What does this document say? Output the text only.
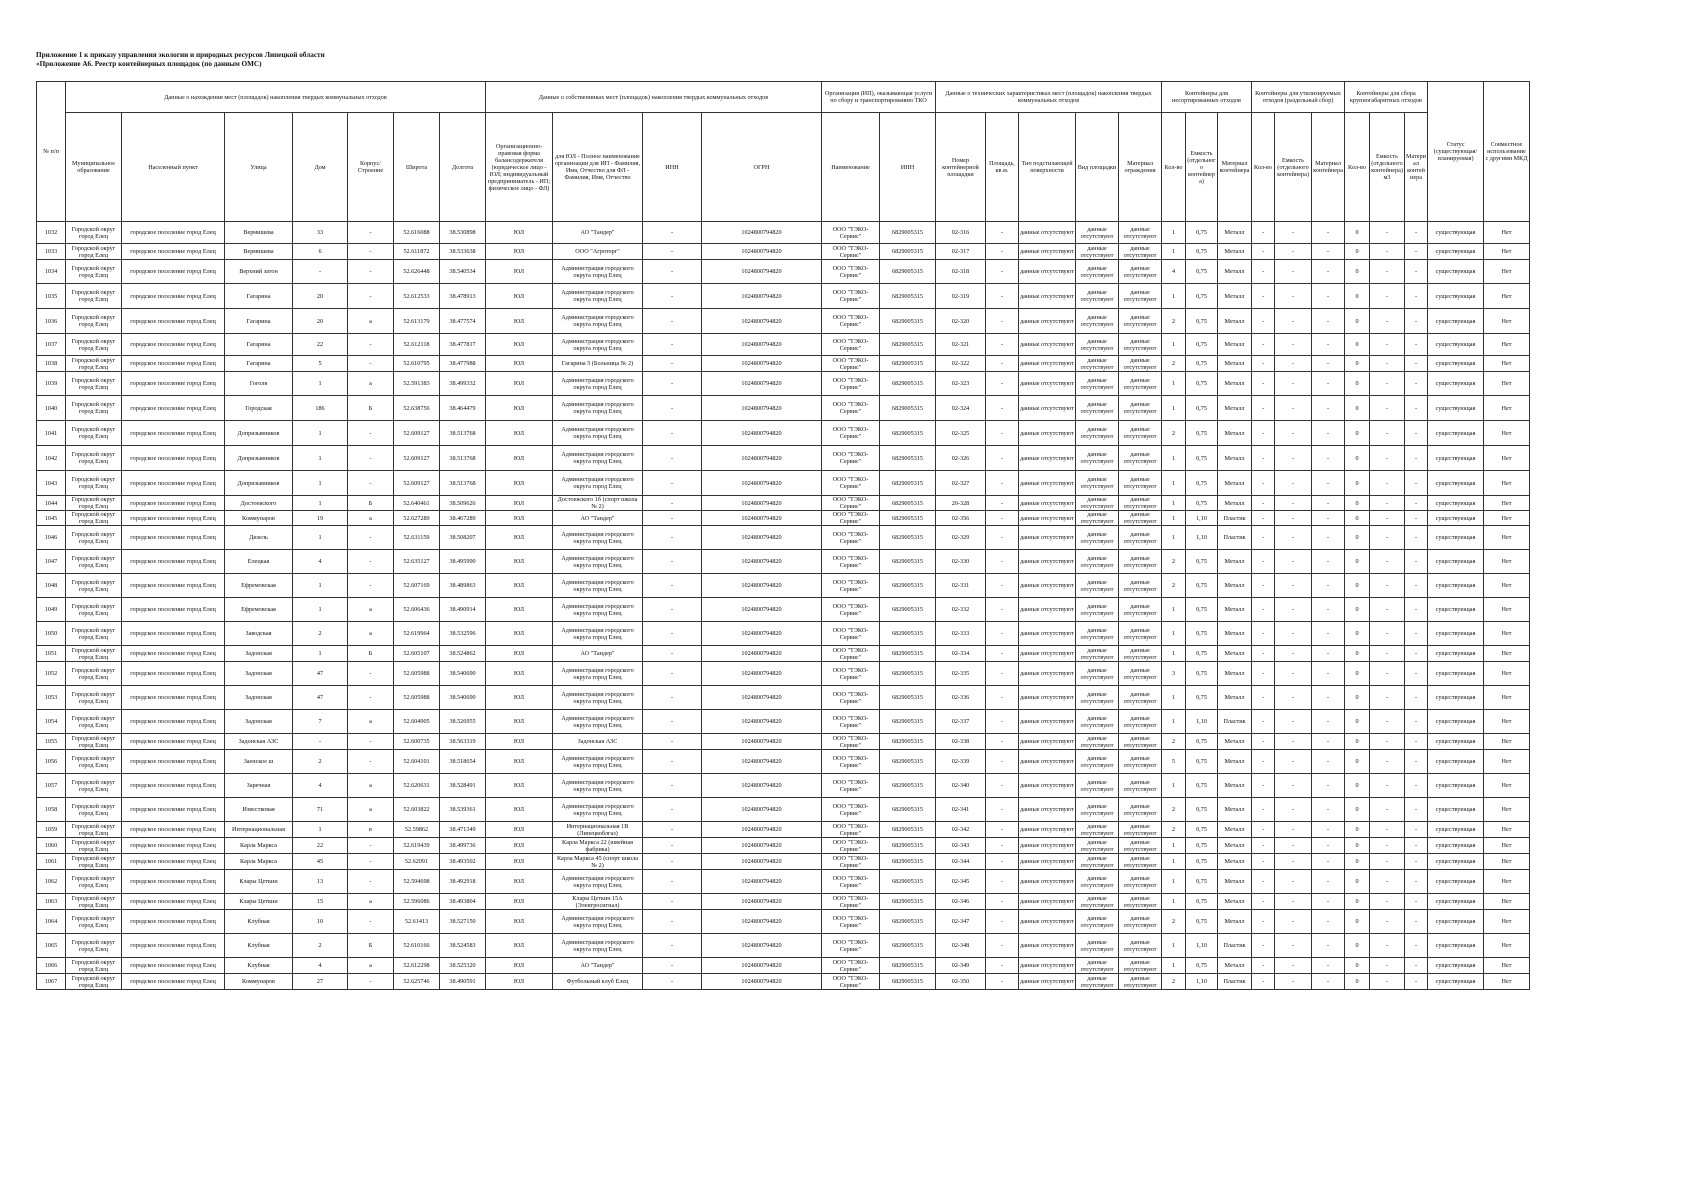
Приложение 1 к приказу управления экологии и природных ресурсов Липецкой области
«Приложение А6. Реестр контейнерных площадок (по данным ОМС)
№ п/п	Данные о нахождении мест (площадок) накопления твердых коммунальных отходов							Данные о собственниках мест (площадок) накопления твердых коммунальных отходов				Организация (ИП), оказывающая услуги по сбору и транспортированию ТКО		Данные о технических характеристиках мест (площадок) накопления твердых коммунальных отходов					Контейнеры для несортированных отходов			Контейнеры для утилизируемых отходов (раздельный сбор)			Контейнеры для сбора крупногабаритных отходов			Статус (существующая/планируемая)	Совместное использование с другими МКД
	Муниципальное образование	Населенный пункт	Улица	Дом	Корпус/Строение	Широта	Долгота	Организационно-правовая форма балансодержателя (юридическое лицо - ЮЛ; индивидуальный предприниматель - ИП; физическое лицо - ФЛ)	для ЮЛ - Полное наименование организации для ИП - Фамилия, Имя, Отчество для ФЛ - Фамилия, Имя, Отчество	ИНН	ОГРН	Наименование	ИНН	Номер контейнерной площадки	Площадь, кв.м.	Тип подстилающей поверхности	Вид площадки	Материал ограждения	Кол-во	Емкость (отдельного контейнера)	Материал контейнера	Кол-во	Емкость (отдельного контейнера)	Материал контейнера	Кол-во	Емкость (отдельного контейнера) м3	Материал контейнера		
1032	Городской округ город Елец	городское поселение город Елец	Вермишева	33	-	52.616088	38.530898	ЮЛ	АО "Тандер"	-	1024800794820	ООО "ТЭКО-Сервис"	6829005315	02-316	-	данные отсутствуют	данные отсутствуют	данные отсутствуют	1	0,75	Металл	-	-	-	0	-	-	существующая	Нет
1033	Городской округ город Елец	городское поселение город Елец	Вермишева	6	-	52.611872	38.533638	ЮЛ	ООО "Агроторг"	-	1024800794820	ООО "ТЭКО-Сервис"	6829005315	02-317	-	данные отсутствуют	данные отсутствуют	данные отсутствуют	1	0,75	Металл	-	-	-	0	-	-	существующая	Нет
1034	Городской округ город Елец	городское поселение город Елец	Верхний затон	-	-	52.626448	38.540534	ЮЛ	Администрация городского округа город Елец	-	1024800794820	ООО "ТЭКО-Сервис"	6829005315	02-318	-	данные отсутствуют	данные отсутствуют	данные отсутствуют	4	0,75	Металл	-	-	-	0	-	-	существующая	Нет
1035	Городской округ город Елец	городское поселение город Елец	Гагарина	20	-	52.612533	38.478913	ЮЛ	Администрация городского округа город Елец	-	1024800794820	ООО "ТЭКО-Сервис"	6829005315	02-319	-	данные отсутствуют	данные отсутствуют	данные отсутствуют	1	0,75	Металл	-	-	-	0	-	-	существующая	Нет
1036	Городской округ город Елец	городское поселение город Елец	Гагарина	20	а	52.613179	38.477574	ЮЛ	Администрация городского округа город Елец	-	1024800794820	ООО "ТЭКО-Сервис"	6829005315	02-320	-	данные отсутствуют	данные отсутствуют	данные отсутствуют	2	0,75	Металл	-	-	-	0	-	-	существующая	Нет
1037	Городской округ город Елец	городское поселение город Елец	Гагарина	22	-	52.612118	38.477817	ЮЛ	Администрация городского округа город Елец	-	1024800794820	ООО "ТЭКО-Сервис"	6829005315	02-321	-	данные отсутствуют	данные отсутствуют	данные отсутствуют	1	0,75	Металл	-	-	-	0	-	-	существующая	Нет
1038	Городской округ город Елец	городское поселение город Елец	Гагарина	5	-	52.610795	38.477988	ЮЛ	Гагарина 5 (Больница № 2)	-	1024800794820	ООО "ТЭКО-Сервис"	6829005315	02-322	-	данные отсутствуют	данные отсутствуют	данные отсутствуют	2	0,75	Металл	-	-	-	0	-	-	существующая	Нет
1039	Городской округ город Елец	городское поселение город Елец	Гоголя	1	а	52.591383	38.499332	ЮЛ	Администрация городского округа город Елец	-	1024800794820	ООО "ТЭКО-Сервис"	6829005315	02-323	-	данные отсутствуют	данные отсутствуют	данные отсутствуют	1	0,75	Металл	-	-	-	0	-	-	существующая	Нет
1040	Городской округ город Елец	городское поселение город Елец	Городская	186	Б	52.638756	38.464479	ЮЛ	Администрация городского округа город Елец	-	1024800794820	ООО "ТЭКО-Сервис"	6829005315	02-324	-	данные отсутствуют	данные отсутствуют	данные отсутствуют	1	0,75	Металл	-	-	-	0	-	-	существующая	Нет
1041	Городской округ город Елец	городское поселение город Елец	Допризывников	1	-	52.609127	38.513768	ЮЛ	Администрация городского округа город Елец	-	1024800794820	ООО "ТЭКО-Сервис"	6829005315	02-325	-	данные отсутствуют	данные отсутствуют	данные отсутствуют	2	0,75	Металл	-	-	-	0	-	-	существующая	Нет
1042	Городской округ город Елец	городское поселение город Елец	Допризывников	1	-	52.609127	38.513768	ЮЛ	Администрация городского округа город Елец	-	1024800794820	ООО "ТЭКО-Сервис"	6829005315	02-326	-	данные отсутствуют	данные отсутствуют	данные отсутствуют	1	0,75	Металл	-	-	-	0	-	-	существующая	Нет
1043	Городской округ город Елец	городское поселение город Елец	Допризывников	1	-	52.609127	38.513768	ЮЛ	Администрация городского округа город Елец	-	1024800794820	ООО "ТЭКО-Сервис"	6829005315	02-327	-	данные отсутствуют	данные отсутствуют	данные отсутствуют	1	0,75	Металл	-	-	-	0	-	-	существующая	Нет
1044	Городской округ город Елец	городское поселение город Елец	Достоевского	1	Б	52.640461	38.509626	ЮЛ	Достоевского 1б (спорт школа № 2)	-	1024800794820	ООО "ТЭКО-Сервис"	6829005315	20-328	-	данные отсутствуют	данные отсутствуют	данные отсутствуют	1	0,75	Металл	-	-	-	0	-	-	существующая	Нет
1045	Городской округ город Елец	городское поселение город Елец	Коммунаров	19	а	52.627289	38.467289	ЮЛ	АО "Тандер"	-	1024800794820	ООО "ТЭКО-Сервис"	6829005315	02-356	-	данные отсутствуют	данные отсутствуют	данные отсутствуют	1	1,10	Пластик	-	-	-	0	-	-	существующая	Нет
1046	Городской округ город Елец	городское поселение город Елец	Дизель	1	-	52.631159	38.508207	ЮЛ	Администрация городского округа город Елец	-	1024800794820	ООО "ТЭКО-Сервис"	6829005315	02-329	-	данные отсутствуют	данные отсутствуют	данные отсутствуют	1	1,10	Пластик	-	-	-	0	-	-	существующая	Нет
1047	Городской округ город Елец	городское поселение город Елец	Елецкая	4	-	52.635127	38.495990	ЮЛ	Администрация городского округа город Елец	-	1024800794820	ООО "ТЭКО-Сервис"	6829005315	02-330	-	данные отсутствуют	данные отсутствуют	данные отсутствуют	2	0,75	Металл	-	-	-	0	-	-	существующая	Нет
1048	Городской округ город Елец	городское поселение город Елец	Ефремовская	1	-	52.607169	38.489863	ЮЛ	Администрация городского округа город Елец	-	1024800794820	ООО "ТЭКО-Сервис"	6829005315	02-331	-	данные отсутствуют	данные отсутствуют	данные отсутствуют	2	0,75	Металл	-	-	-	0	-	-	существующая	Нет
1049	Городской округ город Елец	городское поселение город Елец	Ефремовская	1	а	52.606436	38.490914	ЮЛ	Администрация городского округа город Елец	-	1024800794820	ООО "ТЭКО-Сервис"	6829005315	02-332	-	данные отсутствуют	данные отсутствуют	данные отсутствуют	1	0,75	Металл	-	-	-	0	-	-	существующая	Нет
1050	Городской округ город Елец	городское поселение город Елец	Заводская	2	а	52.619964	38.532596	ЮЛ	Администрация городского округа город Елец	-	1024800794820	ООО "ТЭКО-Сервис"	6829005315	02-333	-	данные отсутствуют	данные отсутствуют	данные отсутствуют	1	0,75	Металл	-	-	-	0	-	-	существующая	Нет
1051	Городской округ город Елец	городское поселение город Елец	Задонская	1	Б	52.605107	38.524862	ЮЛ	АО "Тандер"	-	1024800794820	ООО "ТЭКО-Сервис"	6829005315	02-334	-	данные отсутствуют	данные отсутствуют	данные отсутствуют	1	0,75	Металл	-	-	-	0	-	-	существующая	Нет
1052	Городской округ город Елец	городское поселение город Елец	Задонская	47	-	52.605988	38.540690	ЮЛ	Администрация городского округа город Елец	-	1024800794820	ООО "ТЭКО-Сервис"	6829005315	02-335	-	данные отсутствуют	данные отсутствуют	данные отсутствуют	3	0,75	Металл	-	-	-	0	-	-	существующая	Нет
1053	Городской округ город Елец	городское поселение город Елец	Задонская	47	-	52.605988	38.540690	ЮЛ	Администрация городского округа город Елец	-	1024800794820	ООО "ТЭКО-Сервис"	6829005315	02-336	-	данные отсутствуют	данные отсутствуют	данные отсутствуют	1	0,75	Металл	-	-	-	0	-	-	существующая	Нет
1054	Городской округ город Елец	городское поселение город Елец	Задонская	7	а	52.604905	38.526955	ЮЛ	Администрация городского округа город Елец	-	1024800794820	ООО "ТЭКО-Сервис"	6829005315	02-337	-	данные отсутствуют	данные отсутствуют	данные отсутствуют	1	1,10	Пластик	-	-	-	0	-	-	существующая	Нет
1055	Городской округ город Елец	городское поселение город Елец	Задонская АЗС	-	-	52.600735	38.563319	ЮЛ	Задонская АЗС	-	1024800794820	ООО "ТЭКО-Сервис"	6829005315	02-338	-	данные отсутствуют	данные отсутствуют	данные отсутствуют	2	0,75	Металл	-	-	-	0	-	-	существующая	Нет
1056	Городской округ город Елец	городское поселение город Елец	Заенское ш	2	-	52.604101	38.518654	ЮЛ	Администрация городского округа город Елец	-	1024800794820	ООО "ТЭКО-Сервис"	6829005315	02-339	-	данные отсутствуют	данные отсутствуют	данные отсутствуют	5	0,75	Металл	-	-	-	0	-	-	существующая	Нет
1057	Городской округ город Елец	городское поселение город Елец	Заречная	4	а	52.620631	38.528491	ЮЛ	Администрация городского округа город Елец	-	1024800794820	ООО "ТЭКО-Сервис"	6829005315	02-340	-	данные отсутствуют	данные отсутствуют	данные отсутствуют	1	0,75	Металл	-	-	-	0	-	-	существующая	Нет
1058	Городской округ город Елец	городское поселение город Елец	Известковая	71	а	52.603822	38.539361	ЮЛ	Администрация городского округа город Елец	-	1024800794820	ООО "ТЭКО-Сервис"	6829005315	02-341	-	данные отсутствуют	данные отсутствуют	данные отсутствуют	2	0,75	Металл	-	-	-	0	-	-	существующая	Нет
1059	Городской округ город Елец	городское поселение город Елец	Интернациональная	1	в	52.59862	38.471349	ЮЛ	Интернациональная 1В (Липецкоблгаз)	-	1024800794820	ООО "ТЭКО-Сервис"	6829005315	02-342	-	данные отсутствуют	данные отсутствуют	данные отсутствуют	2	0,75	Металл	-	-	-	0	-	-	существующая	Нет
1060	Городской округ город Елец	городское поселение город Елец	Карла Маркса	22	-	52.619439	38.499736	ЮЛ	Карла Маркса 22 (швейная фабрика)	-	1024800794820	ООО "ТЭКО-Сервис"	6829005315	02-343	-	данные отсутствуют	данные отсутствуют	данные отсутствуют	1	0,75	Металл	-	-	-	0	-	-	существующая	Нет
1061	Городской округ город Елец	городское поселение город Елец	Карла Маркса	45	-	52.62091	38.493502	ЮЛ	Карла Маркса 45 (спорт школа № 2)	-	1024800794820	ООО "ТЭКО-Сервис"	6829005315	02-344	-	данные отсутствуют	данные отсутствуют	данные отсутствуют	1	0,75	Металл	-	-	-	0	-	-	существующая	Нет
1062	Городской округ город Елец	городское поселение город Елец	Клары Цеткин	13	-	52.594698	38.492918	ЮЛ	Администрация городского округа город Елец	-	1024800794820	ООО "ТЭКО-Сервис"	6829005315	02-345	-	данные отсутствуют	данные отсутствуют	данные отсутствуют	1	0,75	Металл	-	-	-	0	-	-	существующая	Нет
1063	Городской округ город Елец	городское поселение город Елец	Клары Цеткин	15	а	52.596086	38.493804	ЮЛ	Клары Цеткин 15А (Электросигнал)	-	1024800794820	ООО "ТЭКО-Сервис"	6829005315	02-346	-	данные отсутствуют	данные отсутствуют	данные отсутствуют	1	0,75	Металл	-	-	-	0	-	-	существующая	Нет
1064	Городской округ город Елец	городское поселение город Елец	Клубная	10	-	52.61413	38.527150	ЮЛ	Администрация городского округа город Елец	-	1024800794820	ООО "ТЭКО-Сервис"	6829005315	02-347	-	данные отсутствуют	данные отсутствуют	данные отсутствуют	2	0,75	Металл	-	-	-	0	-	-	существующая	Нет
1065	Городской округ город Елец	городское поселение город Елец	Клубная	2	Б	52.610166	38.524583	ЮЛ	Администрация городского округа город Елец	-	1024800794820	ООО "ТЭКО-Сервис"	6829005315	02-348	-	данные отсутствуют	данные отсутствуют	данные отсутствуют	1	1,10	Пластик	-	-	-	0	-	-	существующая	Нет
1066	Городской округ город Елец	городское поселение город Елец	Клубная	4	а	52.612298	38.525320	ЮЛ	АО "Тандер"	-	1024800794820	ООО "ТЭКО-Сервис"	6829005315	02-349	-	данные отсутствуют	данные отсутствуют	данные отсутствуют	1	0,75	Металл	-	-	-	0	-	-	существующая	Нет
1067	Городской округ город Елец	городское поселение город Елец	Коммунаров	27	-	52.625746	38.490591	ЮЛ	Футбольный клуб Елец	-	1024800794820	ООО "ТЭКО-Сервис"	6829005315	02-350	-	данные отсутствуют	данные отсутствуют	данные отсутствуют	2	1,10	Пластик	-	-	-	0	-	-	существующая	Нет
